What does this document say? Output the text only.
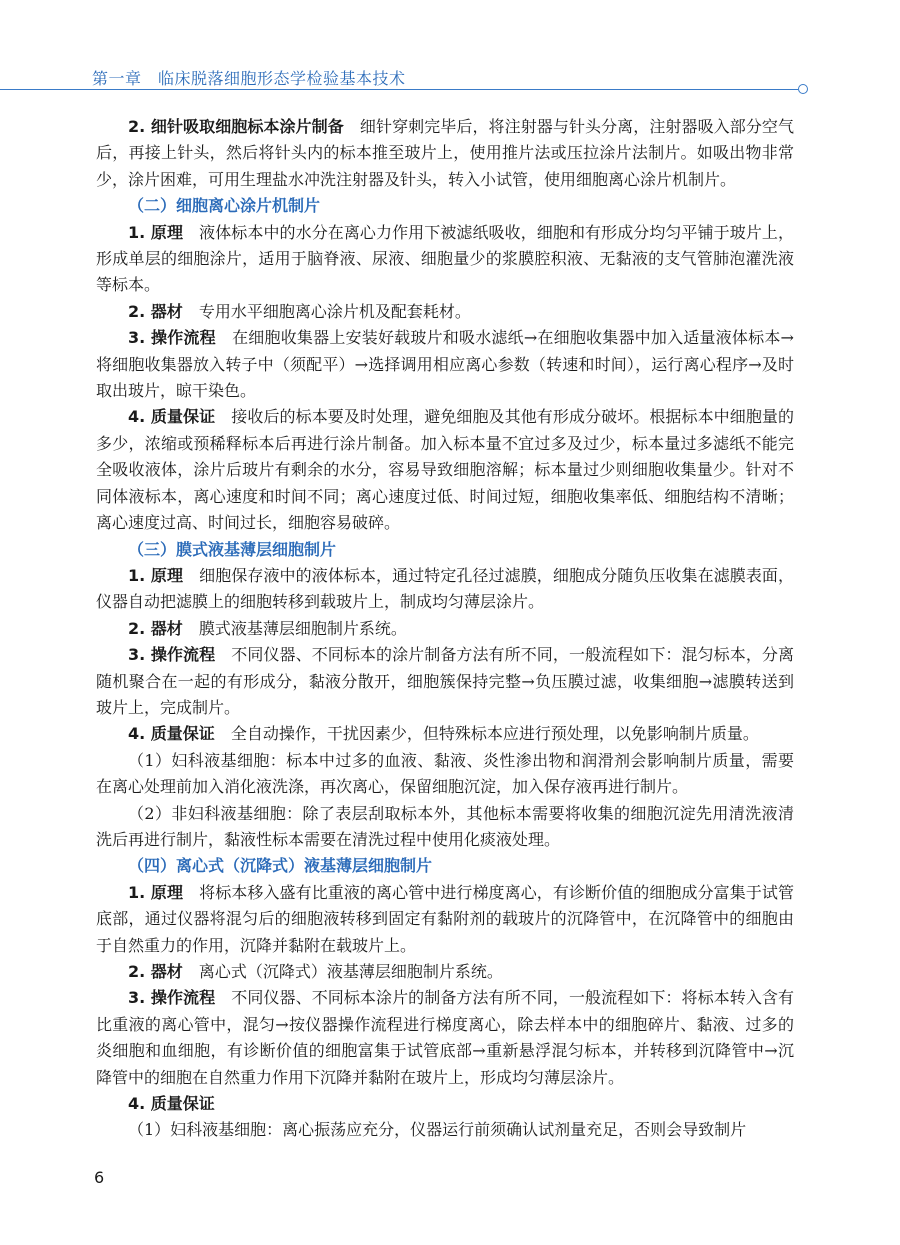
第一章　临床脱落细胞形态学检验基本技术

2. 细针吸取细胞标本涂片制备　 细针穿刺完毕后，将注射器与针头分离，注射器吸入部分空气后，再接上针头，然后将针头内的标本推至玻片上，使用推片法或压拉涂片法制片。如吸出物非常少，涂片困难，可用生理盐水冲洗注射器及针头，转入小试管，使用细胞离心涂片机制片。

（二）细胞离心涂片机制片

1. 原理　 液体标本中的水分在离心力作用下被滤纸吸收，细胞和有形成分均匀平铺于玻片上，形成单层的细胞涂片，适用于脑脊液、尿液、细胞量少的浆膜腔积液、无黏液的支气管肺泡灌洗液等标本。

2. 器材　 专用水平细胞离心涂片机及配套耗材。

3. 操作流程　 在细胞收集器上安装好载玻片和吸水滤纸→在细胞收集器中加入适量液体标本→将细胞收集器放入转子中（须配平）→选择调用相应离心参数（转速和时间），运行离心程序→及时取出玻片，晾干染色。

4. 质量保证　 接收后的标本要及时处理，避免细胞及其他有形成分破坏。根据标本中细胞量的多少，浓缩或预稀释标本后再进行涂片制备。加入标本量不宜过多及过少，标本量过多滤纸不能完全吸收液体，涂片后玻片有剩余的水分，容易导致细胞溶解；标本量过少则细胞收集量少。针对不同体液标本，离心速度和时间不同；离心速度过低、时间过短，细胞收集率低、细胞结构不清晰；离心速度过高、时间过长，细胞容易破碎。

（三）膜式液基薄层细胞制片

1. 原理　 细胞保存液中的液体标本，通过特定孔径过滤膜，细胞成分随负压收集在滤膜表面，仪器自动把滤膜上的细胞转移到载玻片上，制成均匀薄层涂片。

2. 器材　 膜式液基薄层细胞制片系统。

3. 操作流程　 不同仪器、不同标本的涂片制备方法有所不同，一般流程如下：混匀标本，分离随机聚合在一起的有形成分，黏液分散开，细胞簇保持完整→负压膜过滤，收集细胞→滤膜转送到玻片上，完成制片。

4. 质量保证　 全自动操作，干扰因素少，但特殊标本应进行预处理，以免影响制片质量。

（1）妇科液基细胞：标本中过多的血液、黏液、炎性渗出物和润滑剂会影响制片质量，需要在离心处理前加入消化液洗涤，再次离心，保留细胞沉淀，加入保存液再进行制片。

（2）非妇科液基细胞：除了表层刮取标本外，其他标本需要将收集的细胞沉淀先用清洗液清洗后再进行制片，黏液性标本需要在清洗过程中使用化痰液处理。

（四）离心式（沉降式）液基薄层细胞制片

1. 原理　 将标本移入盛有比重液的离心管中进行梯度离心，有诊断价值的细胞成分富集于试管底部，通过仪器将混匀后的细胞液转移到固定有黏附剂的载玻片的沉降管中，在沉降管中的细胞由于自然重力的作用，沉降并黏附在载玻片上。

2. 器材　 离心式（沉降式）液基薄层细胞制片系统。

3. 操作流程　 不同仪器、不同标本涂片的制备方法有所不同，一般流程如下：将标本转入含有比重液的离心管中，混匀→按仪器操作流程进行梯度离心，除去样本中的细胞碎片、黏液、过多的炎细胞和血细胞，有诊断价值的细胞富集于试管底部→重新悬浮混匀标本，并转移到沉降管中→沉降管中的细胞在自然重力作用下沉降并黏附在玻片上，形成均匀薄层涂片。

4. 质量保证

（1）妇科液基细胞：离心振荡应充分，仪器运行前须确认试剂量充足，否则会导致制片

6
